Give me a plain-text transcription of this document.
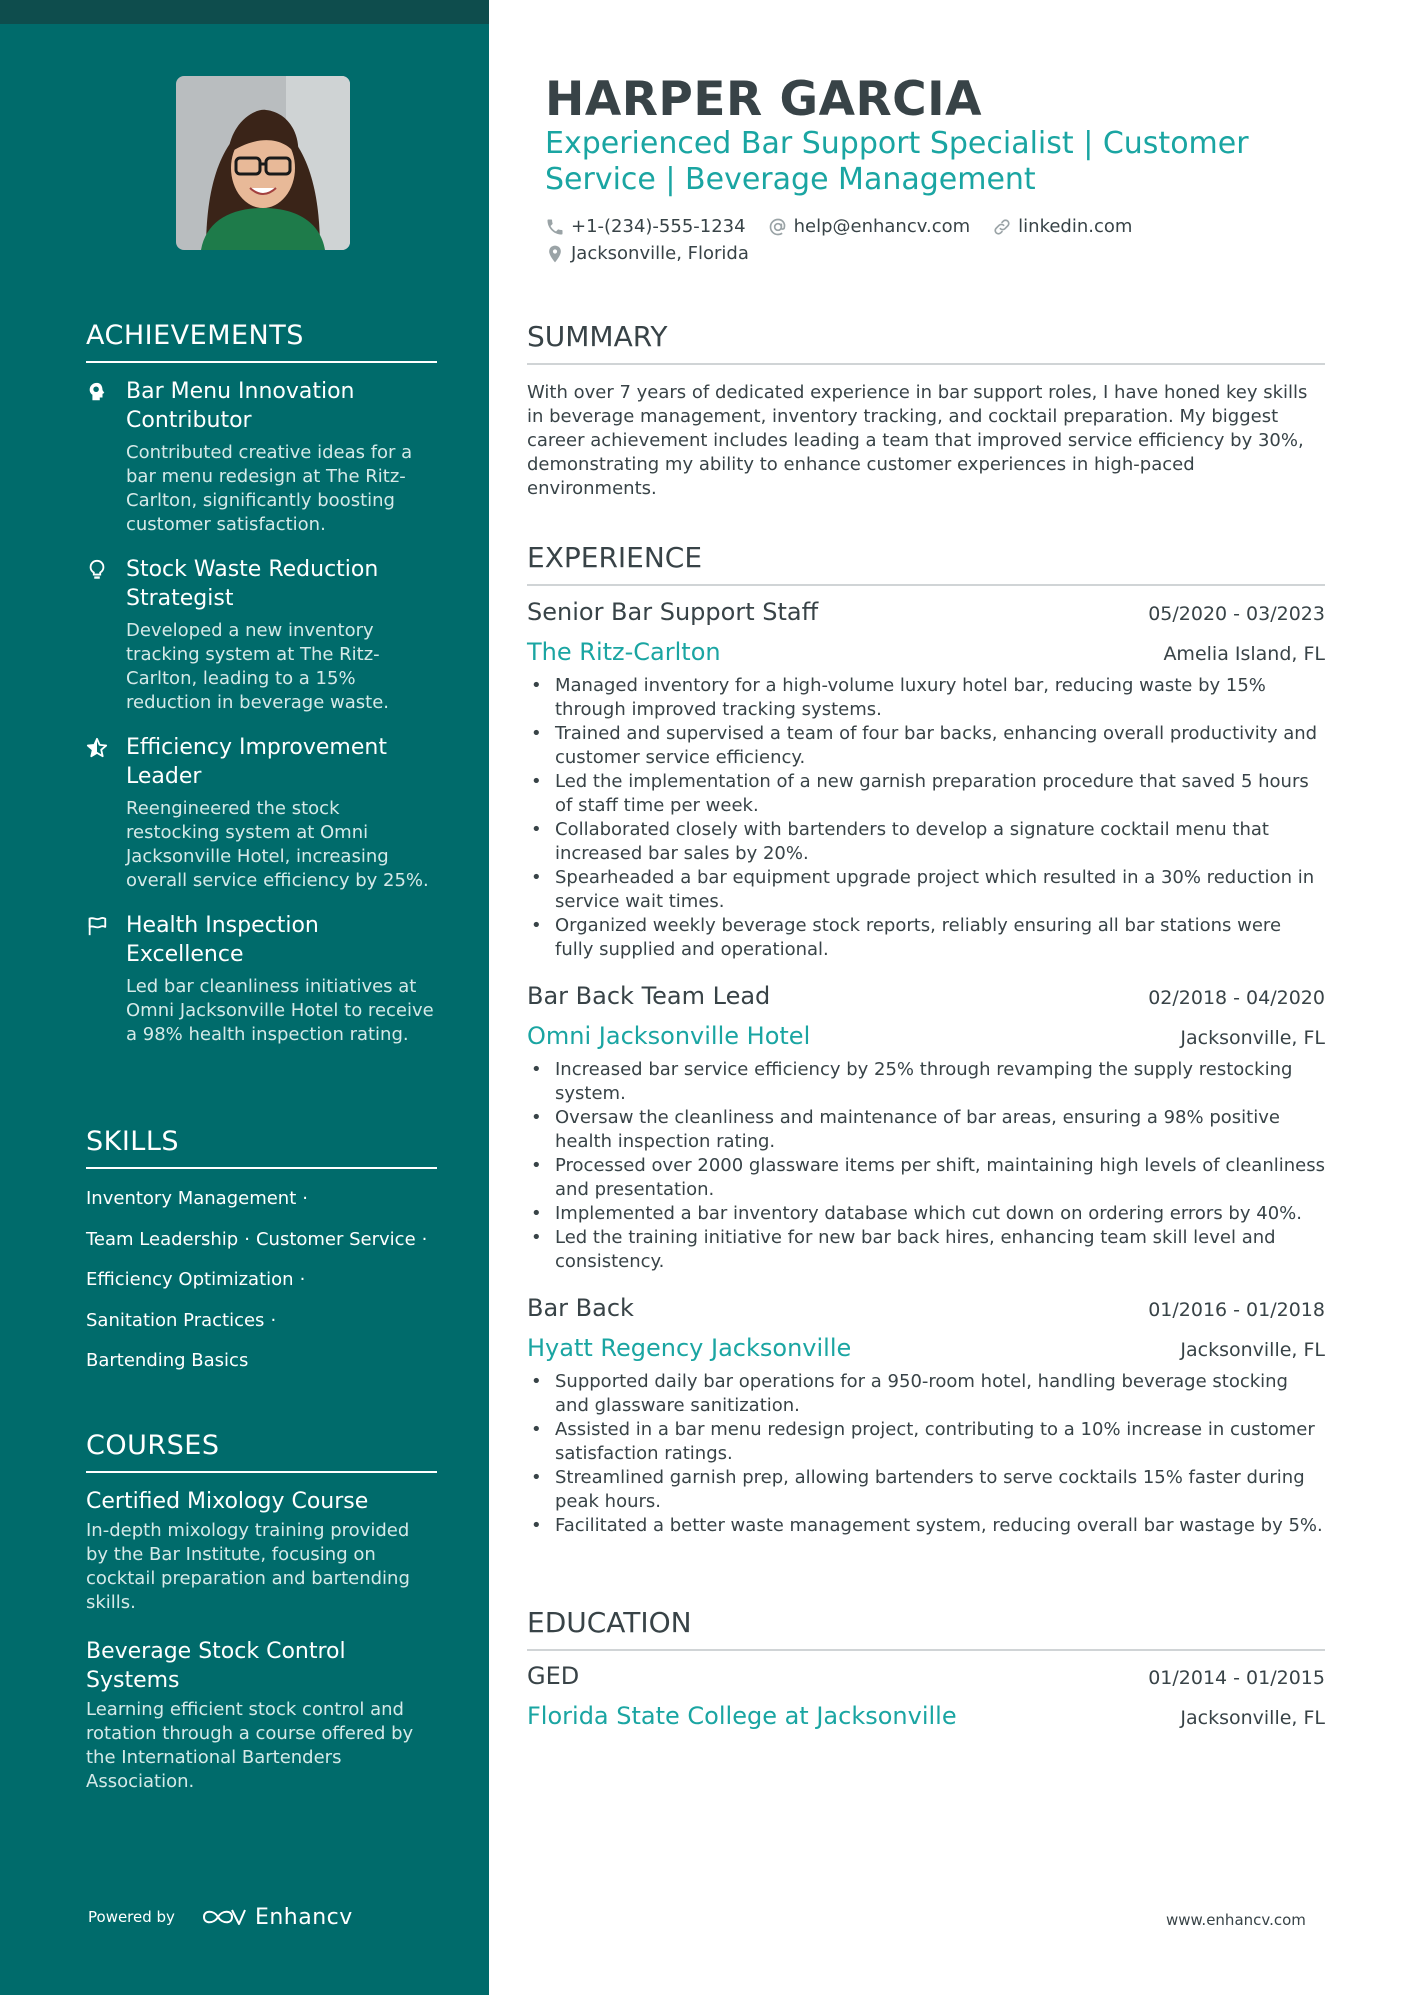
ACHIEVEMENTS
Bar Menu Innovation Contributor
Contributed creative ideas for a bar menu redesign at The Ritz-Carlton, significantly boosting customer satisfaction.
Stock Waste Reduction Strategist
Developed a new inventory tracking system at The Ritz-Carlton, leading to a 15% reduction in beverage waste.
Efficiency Improvement Leader
Reengineered the stock restocking system at Omni Jacksonville Hotel, increasing overall service efficiency by 25%.
Health Inspection Excellence
Led bar cleanliness initiatives at Omni Jacksonville Hotel to receive a 98% health inspection rating.
SKILLS
Inventory Management ·
Team Leadership · Customer Service ·
Efficiency Optimization ·
Sanitation Practices ·
Bartending Basics
COURSES
Certified Mixology Course
In-depth mixology training provided by the Bar Institute, focusing on cocktail preparation and bartending skills.
Beverage Stock Control Systems
Learning efficient stock control and rotation through a course offered by the International Bartenders Association.
Powered by	Enhancv
HARPER GARCIA
Experienced Bar Support Specialist | Customer Service | Beverage Management
+1-(234)-555-1234	help@enhancv.com	linkedin.com
Jacksonville, Florida
SUMMARY
With over 7 years of dedicated experience in bar support roles, I have honed key skills in beverage management, inventory tracking, and cocktail preparation. My biggest career achievement includes leading a team that improved service efficiency by 30%, demonstrating my ability to enhance customer experiences in high-paced environments.
EXPERIENCE
Senior Bar Support Staff	05/2020 - 03/2023
The Ritz-Carlton	Amelia Island, FL
• Managed inventory for a high-volume luxury hotel bar, reducing waste by 15% through improved tracking systems.
• Trained and supervised a team of four bar backs, enhancing overall productivity and customer service efficiency.
• Led the implementation of a new garnish preparation procedure that saved 5 hours of staff time per week.
• Collaborated closely with bartenders to develop a signature cocktail menu that increased bar sales by 20%.
• Spearheaded a bar equipment upgrade project which resulted in a 30% reduction in service wait times.
• Organized weekly beverage stock reports, reliably ensuring all bar stations were fully supplied and operational.
Bar Back Team Lead	02/2018 - 04/2020
Omni Jacksonville Hotel	Jacksonville, FL
• Increased bar service efficiency by 25% through revamping the supply restocking system.
• Oversaw the cleanliness and maintenance of bar areas, ensuring a 98% positive health inspection rating.
• Processed over 2000 glassware items per shift, maintaining high levels of cleanliness and presentation.
• Implemented a bar inventory database which cut down on ordering errors by 40%.
• Led the training initiative for new bar back hires, enhancing team skill level and consistency.
Bar Back	01/2016 - 01/2018
Hyatt Regency Jacksonville	Jacksonville, FL
• Supported daily bar operations for a 950-room hotel, handling beverage stocking and glassware sanitization.
• Assisted in a bar menu redesign project, contributing to a 10% increase in customer satisfaction ratings.
• Streamlined garnish prep, allowing bartenders to serve cocktails 15% faster during peak hours.
• Facilitated a better waste management system, reducing overall bar wastage by 5%.
EDUCATION
GED	01/2014 - 01/2015
Florida State College at Jacksonville	Jacksonville, FL
www.enhancv.com
